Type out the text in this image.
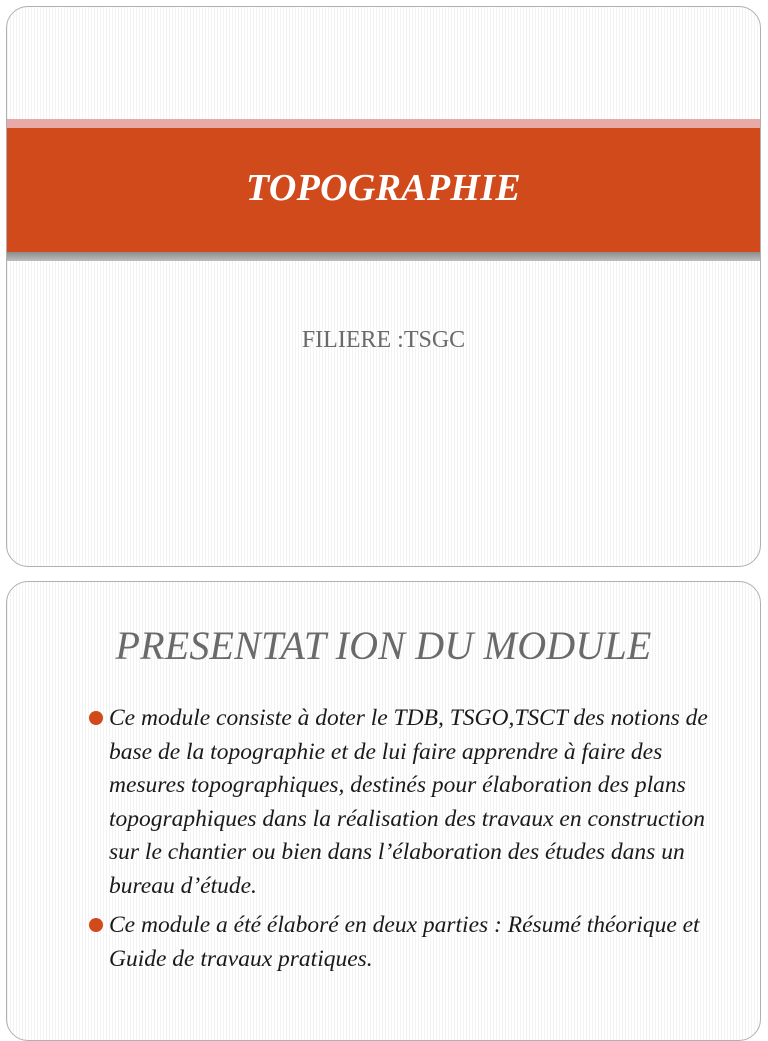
TOPOGRAPHIE
FILIERE :TSGC
PRESENTAT ION DU MODULE
Ce module consiste à doter le TDB, TSGO,TSCT des notions de base de la topographie et de lui faire apprendre à faire des mesures topographiques, destinés pour élaboration des plans topographiques dans la réalisation des travaux en construction sur le chantier ou bien dans l’élaboration des études dans un bureau d’étude.
Ce module a été élaboré en deux parties : Résumé théorique et Guide de travaux pratiques.
